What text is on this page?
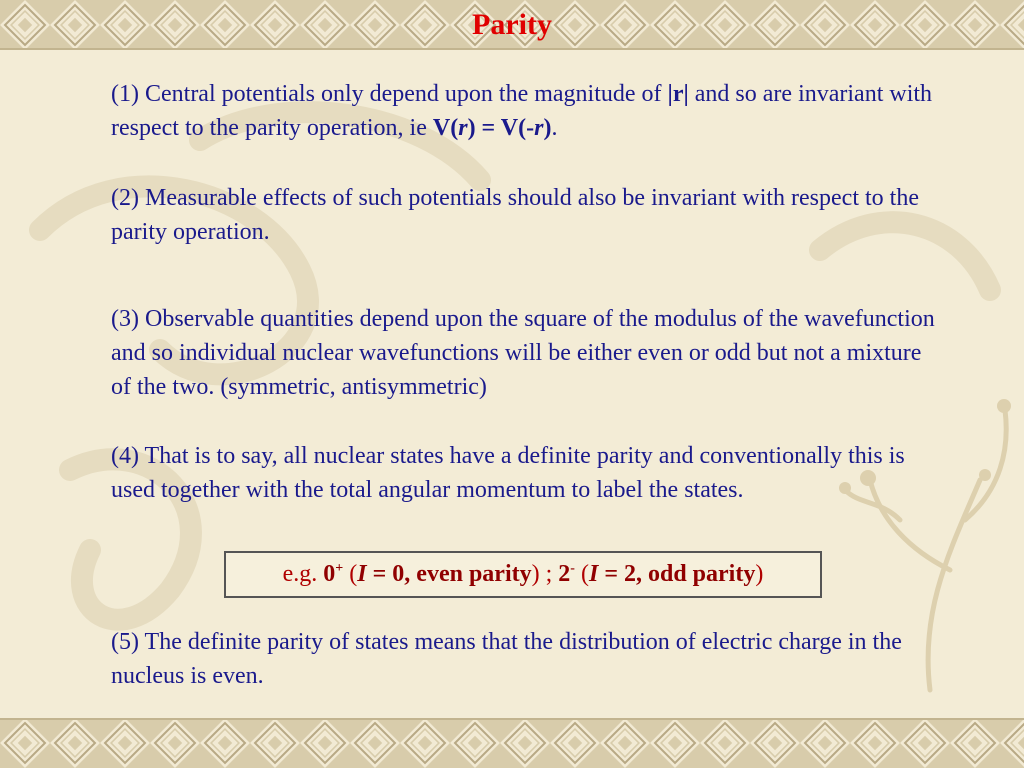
Parity
(1) Central potentials only depend upon the magnitude of |r| and so are invariant with respect to the parity operation, ie V(r) = V(-r).
(2) Measurable effects of such potentials should also be invariant with respect to the parity operation.
(3) Observable quantities depend upon the square of the modulus of the wavefunction and so individual nuclear wavefunctions will be either even or odd but not a mixture of the two. (symmetric, antisymmetric)
(4) That is to say, all nuclear states have a definite parity and conventionally this is used together with the total angular momentum to label the states.
e.g. 0+ (I = 0, even parity) ; 2- (I = 2, odd parity)
(5) The definite parity of states means that the distribution of electric charge in the nucleus is even.
